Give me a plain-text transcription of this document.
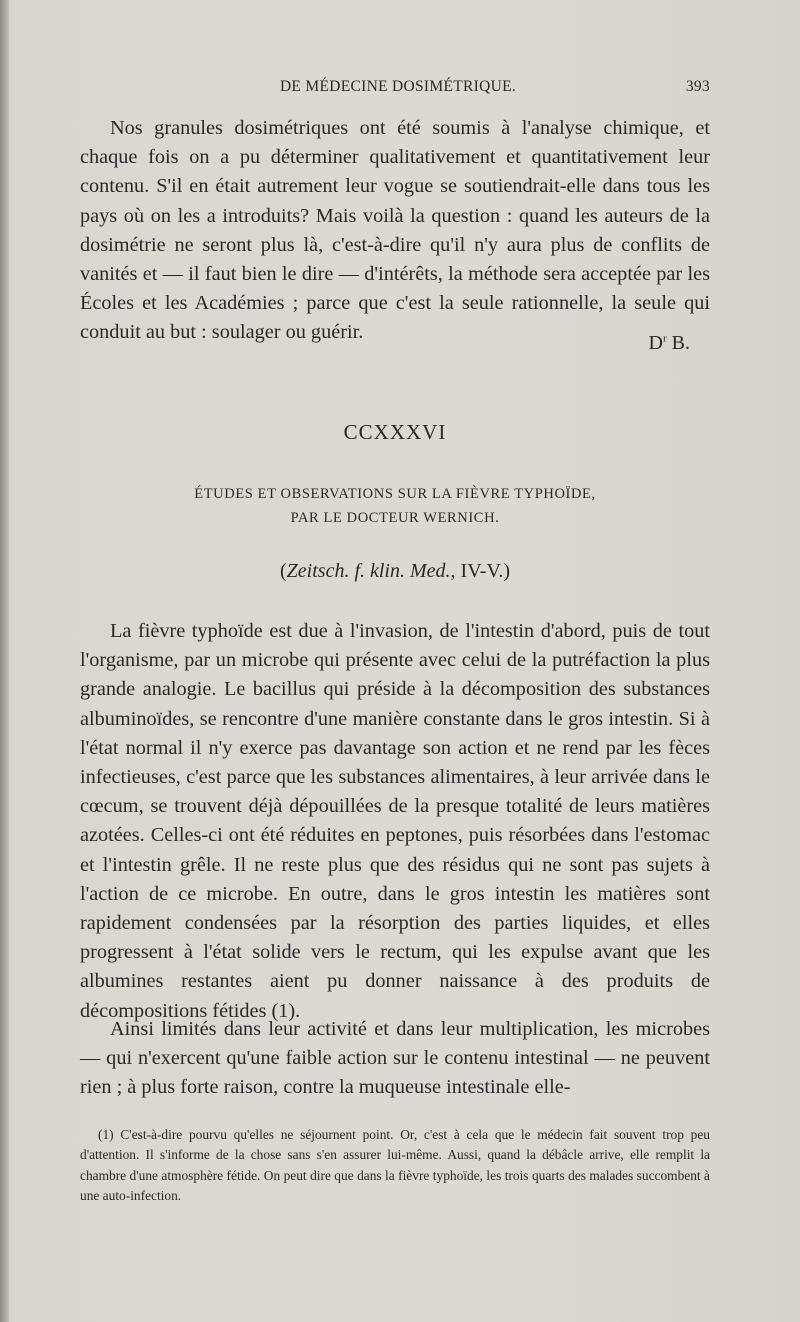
DE MÉDECINE DOSIMÉTRIQUE.	393

Nos granules dosimétriques ont été soumis à l'analyse chimique, et chaque fois on a pu déterminer qualitativement et quantitativement leur contenu. S'il en était autrement leur vogue se soutiendrait-elle dans tous les pays où on les a introduits? Mais voilà la question : quand les auteurs de la dosimétrie ne seront plus là, c'est-à-dire qu'il n'y aura plus de conflits de vanités et — il faut bien le dire — d'intérêts, la méthode sera acceptée par les Écoles et les Académies ; parce que c'est la seule rationnelle, la seule qui conduit au but : soulager ou guérir.	$D^r$ B.
CCXXXVI
ÉTUDES ET OBSERVATIONS SUR LA FIÈVRE TYPHOÏDE,
PAR LE DOCTEUR WERNICH.
(Zeitsch. f. klin. Med., IV-V.)

La fièvre typhoïde est due à l'invasion, de l'intestin d'abord, puis de tout l'organisme, par un microbe qui présente avec celui de la putréfaction la plus grande analogie. Le bacillus qui préside à la décomposition des substances albuminoïdes, se rencontre d'une manière constante dans le gros intestin. Si à l'état normal il n'y exerce pas davantage son action et ne rend par les fèces infectieuses, c'est parce que les substances alimentaires, à leur arrivée dans le cœcum, se trouvent déjà dépouillées de la presque totalité de leurs matières azotées. Celles-ci ont été réduites en peptones, puis résorbées dans l'estomac et l'intestin grêle. Il ne reste plus que des résidus qui ne sont pas sujets à l'action de ce microbe. En outre, dans le gros intestin les matières sont rapidement condensées par la résorption des parties liquides, et elles progressent à l'état solide vers le rectum, qui les expulse avant que les albumines restantes aient pu donner naissance à des produits de décompositions fétides (1).

Ainsi limités dans leur activité et dans leur multiplication, les microbes — qui n'exercent qu'une faible action sur le contenu intestinal — ne peuvent rien ; à plus forte raison, contre la muqueuse intestinale elle-

(1) C'est-à-dire pourvu qu'elles ne séjournent point. Or, c'est à cela que le médecin fait souvent trop peu d'attention. Il s'informe de la chose sans s'en assurer lui-même. Aussi, quand la débâcle arrive, elle remplit la chambre d'une atmosphère fétide. On peut dire que dans la fièvre typhoïde, les trois quarts des malades succombent à une auto-infection.
